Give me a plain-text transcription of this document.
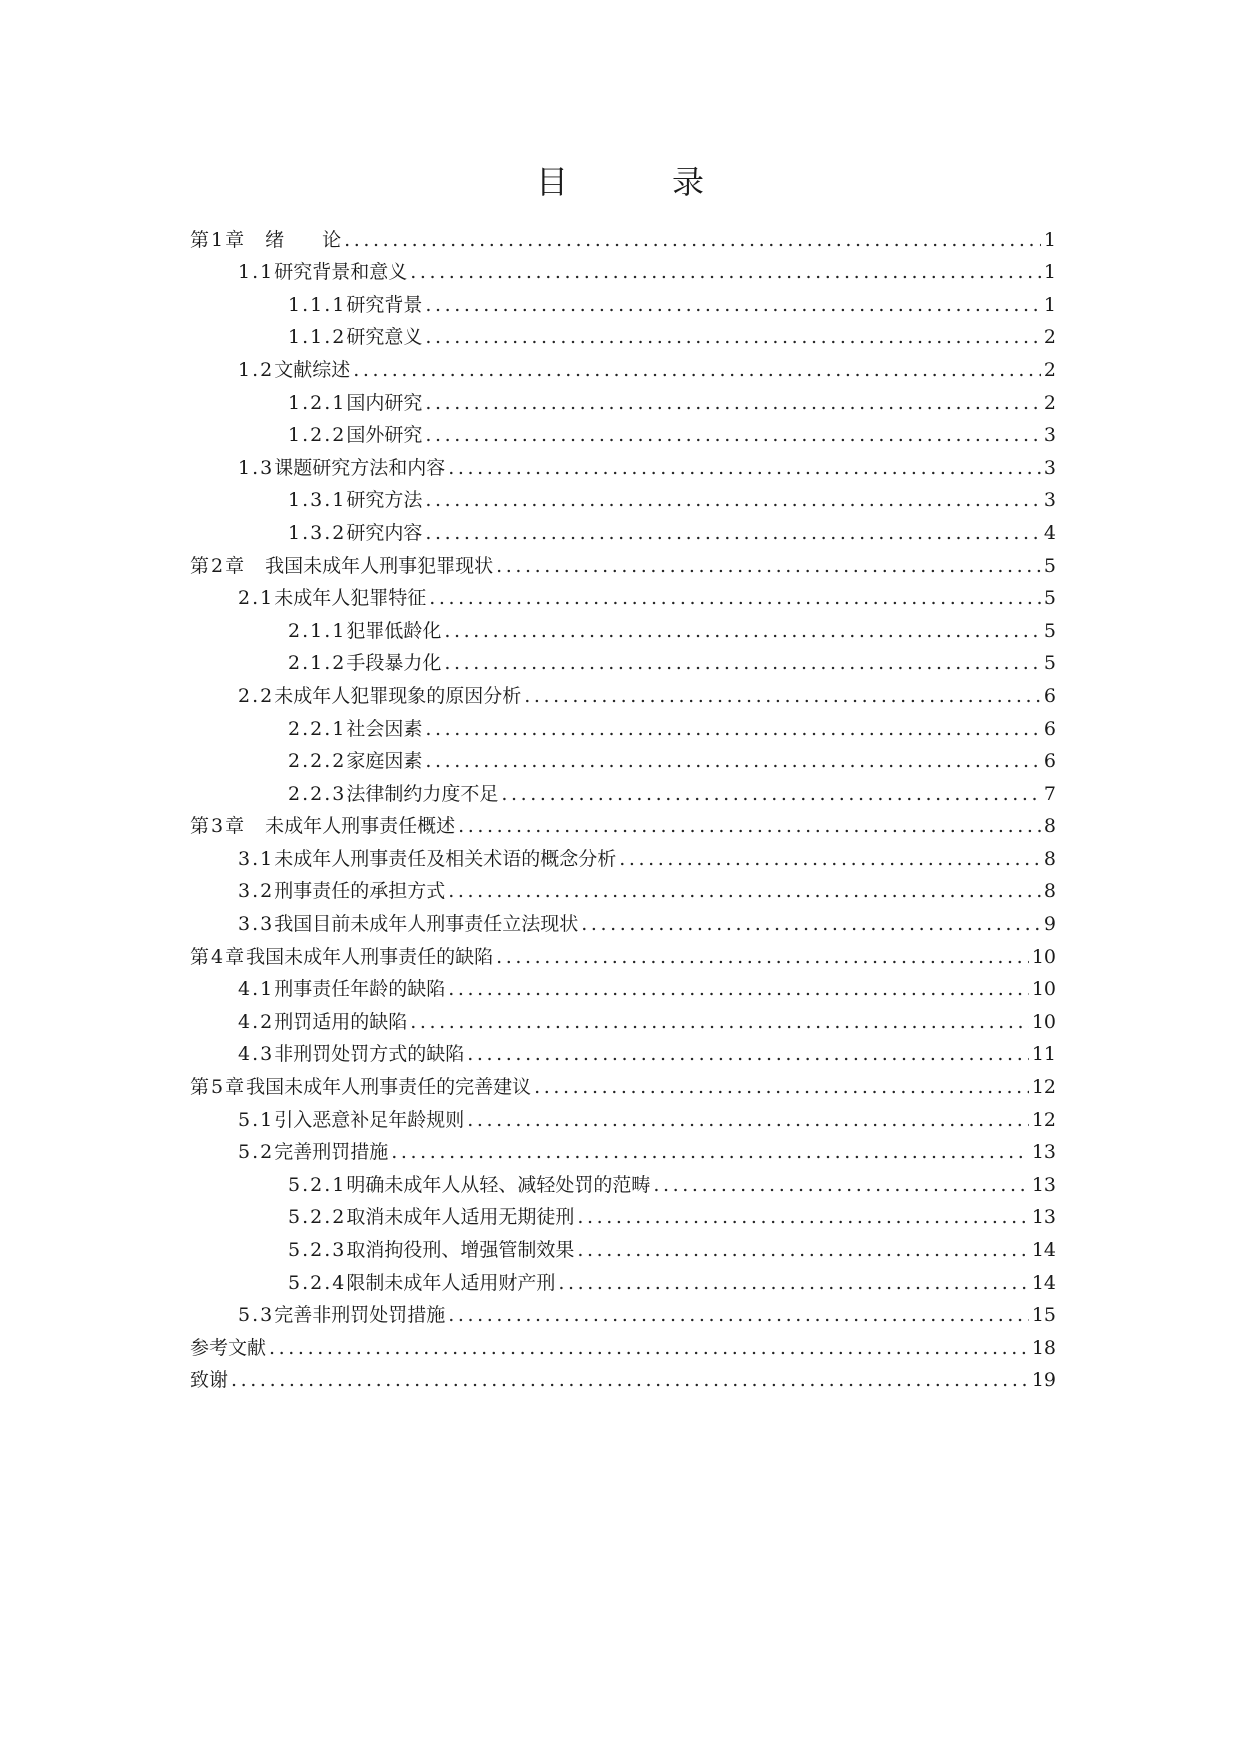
目　录
第1章 　绪　　论 .....	1
1.1 研究背景和意义 .....	1
1.1.1 研究背景 .....	1
1.1.2 研究意义 .....	2
1.2 文献综述 .....	2
1.2.1 国内研究 .....	2
1.2.2 国外研究 .....	3
1.3 课题研究方法和内容 .....	3
1.3.1 研究方法 .....	3
1.3.2 研究内容 .....	4
第2章 　我国未成年人刑事犯罪现状 .....	5
2.1 未成年人犯罪特征 .....	5
2.1.1 犯罪低龄化 .....	5
2.1.2 手段暴力化 .....	5
2.2 未成年人犯罪现象的原因分析 .....	6
2.2.1 社会因素 .....	6
2.2.2 家庭因素 .....	6
2.2.3 法律制约力度不足 .....	7
第3章 　未成年人刑事责任概述 .....	8
3.1 未成年人刑事责任及相关术语的概念分析 .....	8
3.2 刑事责任的承担方式 .....	8
3.3 我国目前未成年人刑事责任立法现状 .....	9
第4章 我国未成年人刑事责任的缺陷 .....	10
4.1 刑事责任年龄的缺陷 .....	10
4.2 刑罚适用的缺陷 .....	10
4.3 非刑罚处罚方式的缺陷 .....	11
第5章 我国未成年人刑事责任的完善建议 .....	12
5.1 引入恶意补足年龄规则 .....	12
5.2 完善刑罚措施 .....	13
5.2.1 明确未成年人从轻、减轻处罚的范畴 .....	13
5.2.2 取消未成年人适用无期徒刑 .....	13
5.2.3 取消拘役刑、增强管制效果 .....	14
5.2.4 限制未成年人适用财产刑 .....	14
5.3 完善非刑罚处罚措施 .....	15
参考文献 .....	18
致谢 .....	19
